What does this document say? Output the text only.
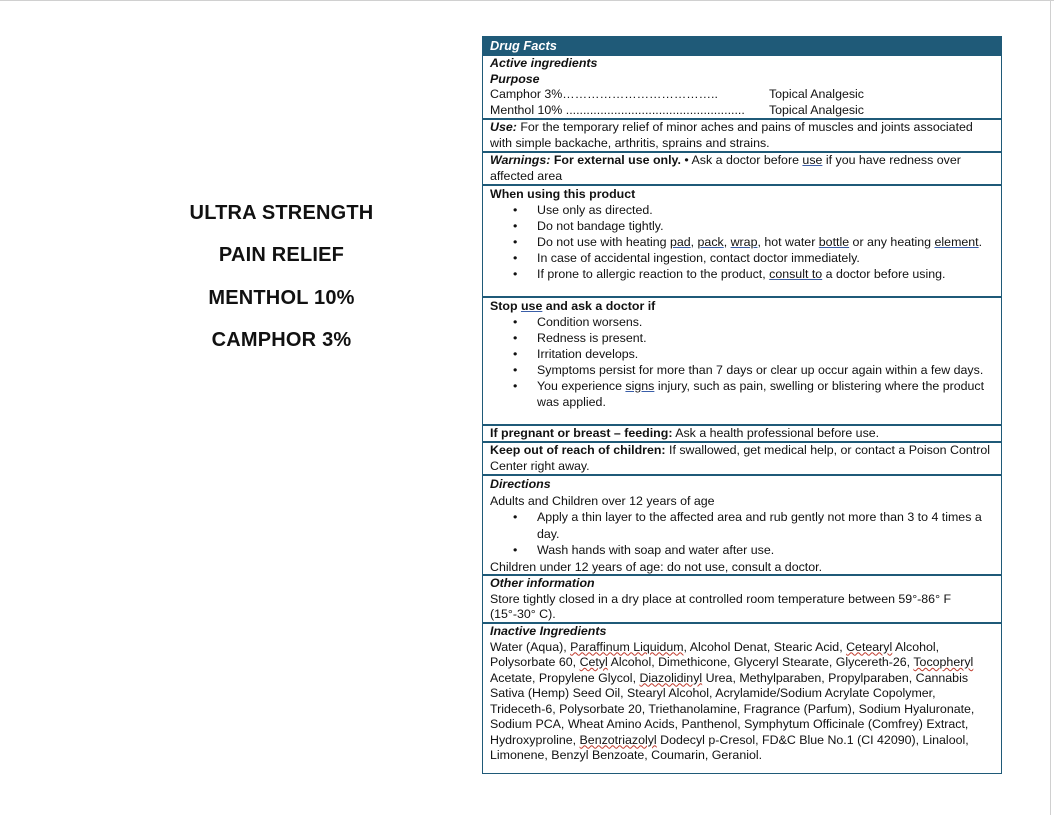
ULTRA STRENGTH
PAIN RELIEF
MENTHOL 10%
CAMPHOR 3%
Drug Facts
Active ingredients
Purpose
Camphor 3%………………………………..	Topical Analgesic
Menthol 10% .................................................... Topical Analgesic
Use: For the temporary relief of minor aches and pains of muscles and joints associated with simple backache, arthritis, sprains and strains.
Warnings: For external use only. • Ask a doctor before use if you have redness over affected area
When using this product
• Use only as directed.
• Do not bandage tightly.
• Do not use with heating pad, pack, wrap, hot water bottle or any heating element.
• In case of accidental ingestion, contact doctor immediately.
• If prone to allergic reaction to the product, consult to a doctor before using.
Stop use and ask a doctor if
• Condition worsens.
• Redness is present.
• Irritation develops.
• Symptoms persist for more than 7 days or clear up occur again within a few days.
• You experience signs injury, such as pain, swelling or blistering where the product was applied.
If pregnant or breast – feeding: Ask a health professional before use.
Keep out of reach of children: If swallowed, get medical help, or contact a Poison Control Center right away.
Directions
Adults and Children over 12 years of age
• Apply a thin layer to the affected area and rub gently not more than 3 to 4 times a day.
• Wash hands with soap and water after use.
Children under 12 years of age: do not use, consult a doctor.
Other information
Store tightly closed in a dry place at controlled room temperature between 59°-86° F (15°-30° C).
Inactive Ingredients
Water (Aqua), Paraffinum Liquidum, Alcohol Denat, Stearic Acid, Cetearyl Alcohol, Polysorbate 60, Cetyl Alcohol, Dimethicone, Glyceryl Stearate, Glycereth-26, Tocopheryl Acetate, Propylene Glycol, Diazolidinyl Urea, Methylparaben, Propylparaben, Cannabis Sativa (Hemp) Seed Oil, Stearyl Alcohol, Acrylamide/Sodium Acrylate Copolymer, Trideceth-6, Polysorbate 20, Triethanolamine, Fragrance (Parfum), Sodium Hyaluronate, Sodium PCA, Wheat Amino Acids, Panthenol, Symphytum Officinale (Comfrey) Extract, Hydroxyproline, Benzotriazolyl Dodecyl p-Cresol, FD&C Blue No.1 (CI 42090), Linalool, Limonene, Benzyl Benzoate, Coumarin, Geraniol.
